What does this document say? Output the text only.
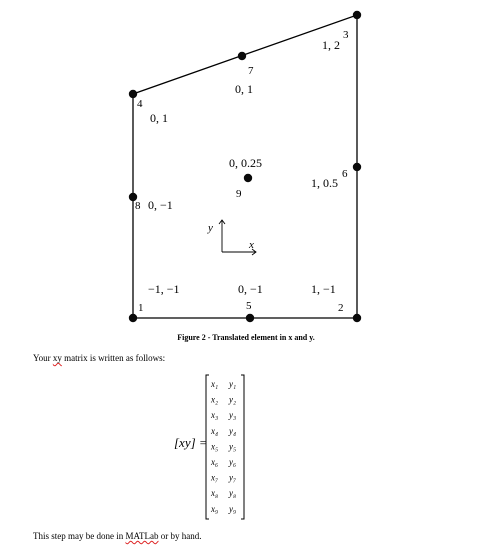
1	2
3
4
5
6
7
8
9
−1, −1	1, −1
1, 2
0, 1
0, −1
1, 0.5
0, 1
0, −1
0, 0.25
x
y
Figure 2 - Translated element in x and y.
Your xy matrix is written as follows:
[xy] =
x₁ y₁
x₂ y₂
x₃ y₃
x₄ y₄
x₅ y₅
x₆ y₆
x₇ y₇
x₈ y₈
x₉ y₉
This step may be done in MATLab or by hand.
